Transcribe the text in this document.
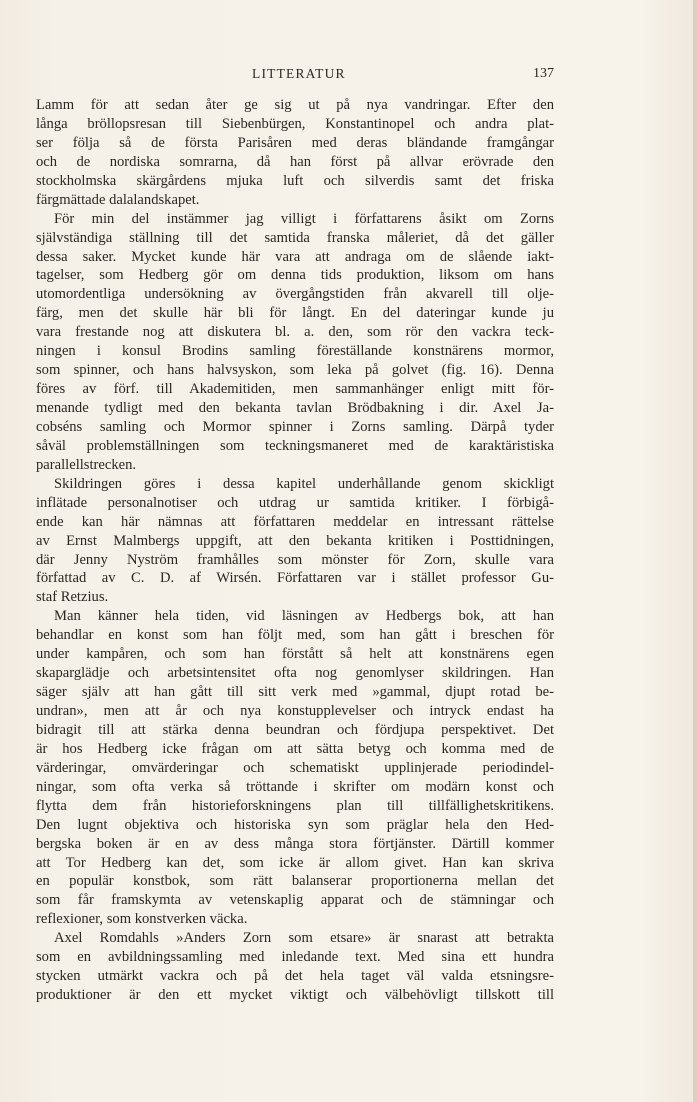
LITTERATUR	137
Lamm för att sedan åter ge sig ut på nya vandringar. Efter den
långa bröllopsresan till Siebenbürgen, Konstantinopel och andra plat-
ser följa så de första Parisåren med deras bländande framgångar
och de nordiska somrarna, då han först på allvar erövrade den
stockholmska skärgårdens mjuka luft och silverdis samt det friska
färgmättade dalalandskapet.
För min del instämmer jag villigt i författarens åsikt om Zorns
självständiga ställning till det samtida franska måleriet, då det gäller
dessa saker. Mycket kunde här vara att andraga om de slående iakt-
tagelser, som Hedberg gör om denna tids produktion, liksom om hans
utomordentliga undersökning av övergångstiden från akvarell till olje-
färg, men det skulle här bli för långt. En del dateringar kunde ju
vara frestande nog att diskutera bl. a. den, som rör den vackra teck-
ningen i konsul Brodins samling föreställande konstnärens mormor,
som spinner, och hans halvsyskon, som leka på golvet (fig. 16). Denna
föres av förf. till Akademitiden, men sammanhänger enligt mitt för-
menande tydligt med den bekanta tavlan Brödbakning i dir. Axel Ja-
cobséns samling och Mormor spinner i Zorns samling. Därpå tyder
såväl problemställningen som teckningsmaneret med de karaktäristiska
parallellstrecken.
Skildringen göres i dessa kapitel underhållande genom skickligt
inflätade personalnotiser och utdrag ur samtida kritiker. I förbigå-
ende kan här nämnas att författaren meddelar en intressant rättelse
av Ernst Malmbergs uppgift, att den bekanta kritiken i Posttidningen,
där Jenny Nyström framhålles som mönster för Zorn, skulle vara
författad av C. D. af Wirsén. Författaren var i stället professor Gu-
staf Retzius.
Man känner hela tiden, vid läsningen av Hedbergs bok, att han
behandlar en konst som han följt med, som han gått i breschen för
under kampåren, och som han förstått så helt att konstnärens egen
skaparglädje och arbetsintensitet ofta nog genomlyser skildringen. Han
säger själv att han gått till sitt verk med »gammal, djupt rotad be-
undran», men att år och nya konstupplevelser och intryck endast ha
bidragit till att stärka denna beundran och fördjupa perspektivet. Det
är hos Hedberg icke frågan om att sätta betyg och komma med de
värderingar, omvärderingar och schematiskt upplinjerade periodindel-
ningar, som ofta verka så tröttande i skrifter om modärn konst och
flytta dem från historieforskningens plan till tillfällighetskritikens.
Den lugnt objektiva och historiska syn som präglar hela den Hed-
bergska boken är en av dess många stora förtjänster. Därtill kommer
att Tor Hedberg kan det, som icke är allom givet. Han kan skriva
en populär konstbok, som rätt balanserar proportionerna mellan det
som får framskymta av vetenskaplig apparat och de stämningar och
reflexioner, som konstverken väcka.
Axel Romdahls »Anders Zorn som etsare» är snarast att betrakta
som en avbildningssamling med inledande text. Med sina ett hundra
stycken utmärkt vackra och på det hela taget väl valda etsningsre-
produktioner är den ett mycket viktigt och välbehövligt tillskott till
